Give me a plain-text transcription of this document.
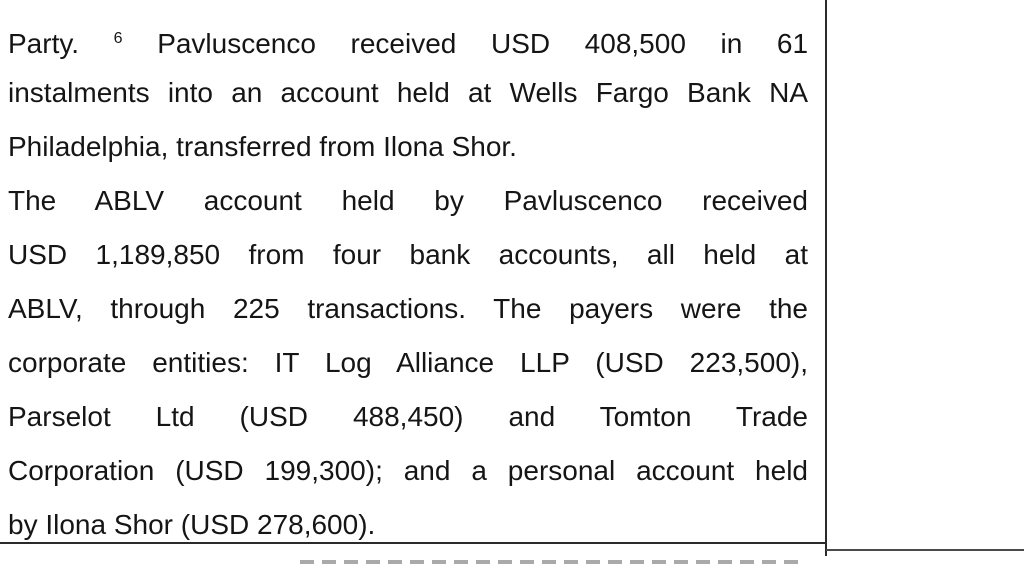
Party. $^6$ Pavluscenco received USD 408,500 in 61
instalments into an account held at Wells Fargo Bank NA
Philadelphia, transferred from Ilona Shor.
The ABLV account held by Pavluscenco received
USD 1,189,850 from four bank accounts, all held at
ABLV, through 225 transactions. The payers were the
corporate entities: IT Log Alliance LLP (USD 223,500),
Parselot Ltd (USD 488,450) and Tomton Trade
Corporation (USD 199,300); and a personal account held
by Ilona Shor (USD 278,600).
